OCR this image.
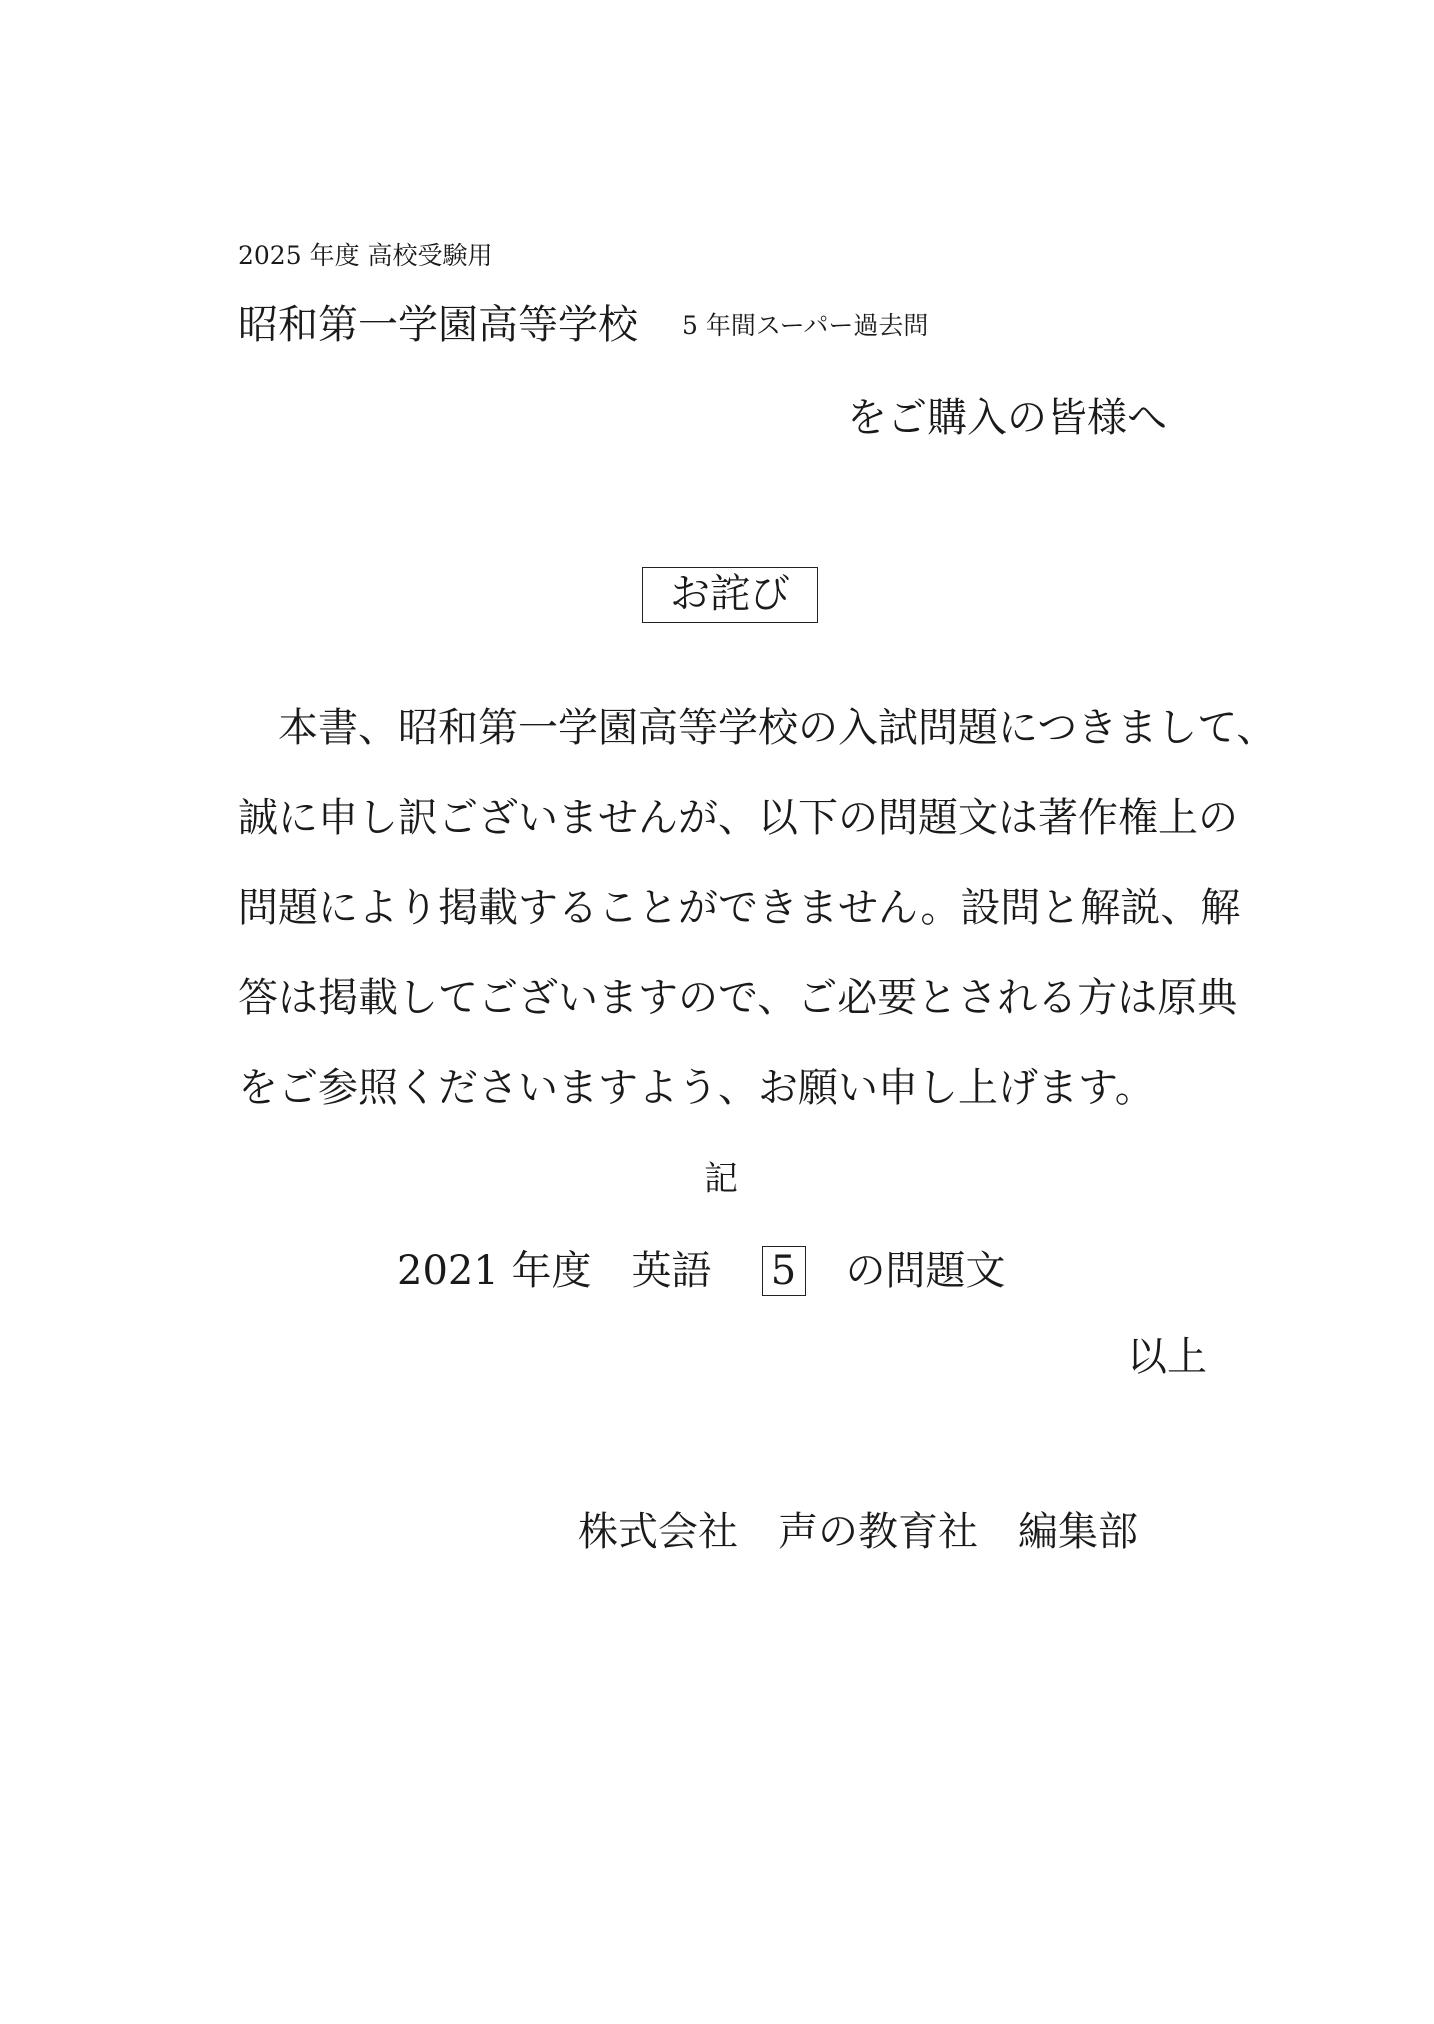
2025 年度 高校受験用
昭和第一学園高等学校 5 年間スーパー過去問
をご購入の皆様へ
お詫び
　本書、昭和第一学園高等学校の入試問題につきまして、
誠に申し訳ございませんが、以下の問題文は著作権上の
問題により掲載することができません。設問と解説、解
答は掲載してございますので、ご必要とされる方は原典
をご参照くださいますよう、お願い申し上げます。
記
2021 年度　英語 5 の問題文
以上
株式会社　声の教育社　編集部
